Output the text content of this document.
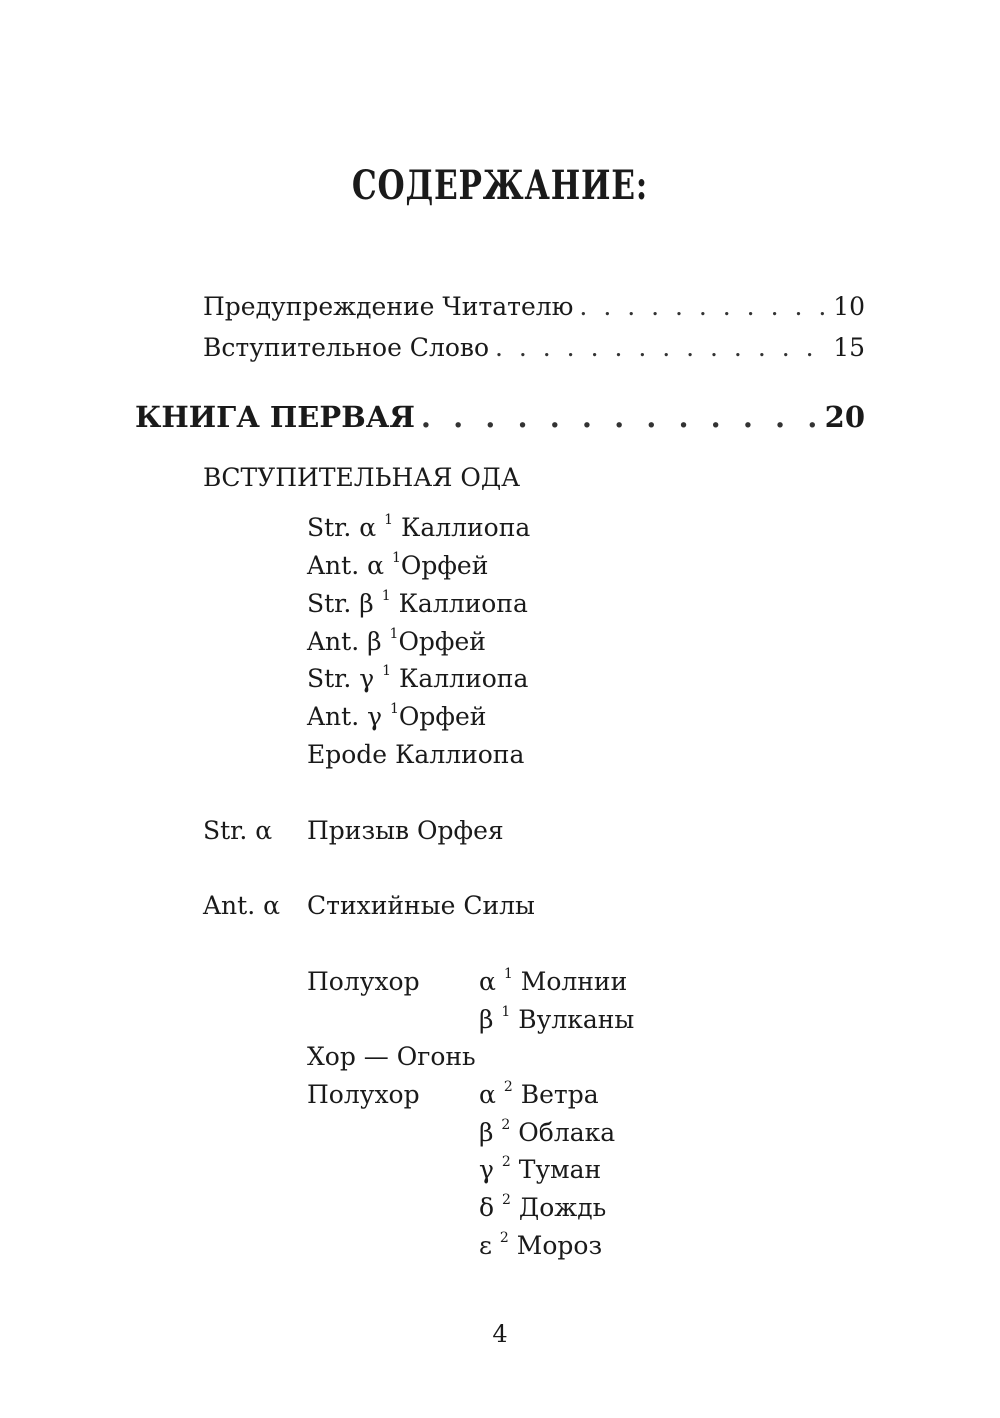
СОДЕРЖАНИЕ:
Предупреждение Читателю . . .	10
Вступительное Слово . . .	15
КНИГА ПЕРВАЯ . . .	20
ВСТУПИТЕЛЬНАЯ ОДА
Str. α $^1$ Каллиопа
Ant. α $^1$Орфей
Str. β $^1$ Каллиопа
Ant. β $^1$Орфей
Str. γ $^1$ Каллиопа
Ant. γ $^1$Орфей
Epode Каллиопа
Str. α Призыв Орфея
Ant. α Стихийные Силы
Полухор α $^1$ Молнии
β $^1$ Вулканы
Хор — Огонь
Полухор α $^2$ Ветра
β $^2$ Облака
γ $^2$ Туман
δ $^2$ Дождь
ε $^2$ Мороз
4
